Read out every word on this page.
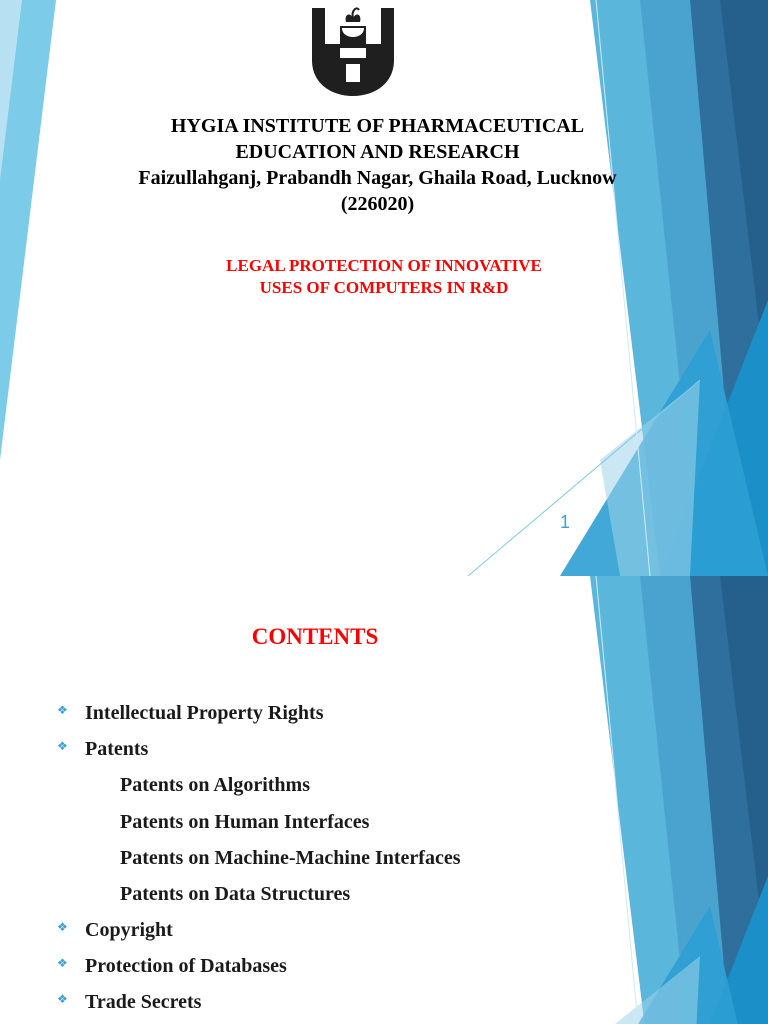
HYGIA INSTITUTE OF PHARMACEUTICAL
EDUCATION AND RESEARCH
Faizullahganj, Prabandh Nagar, Ghaila Road, Lucknow
(226020)
LEGAL PROTECTION OF INNOVATIVE
USES OF COMPUTERS IN R&D
1
CONTENTS
❖ Intellectual Property Rights
❖ Patents
Patents on Algorithms
Patents on Human Interfaces
Patents on Machine-Machine Interfaces
Patents on Data Structures
❖ Copyright
❖ Protection of Databases
❖ Trade Secrets
